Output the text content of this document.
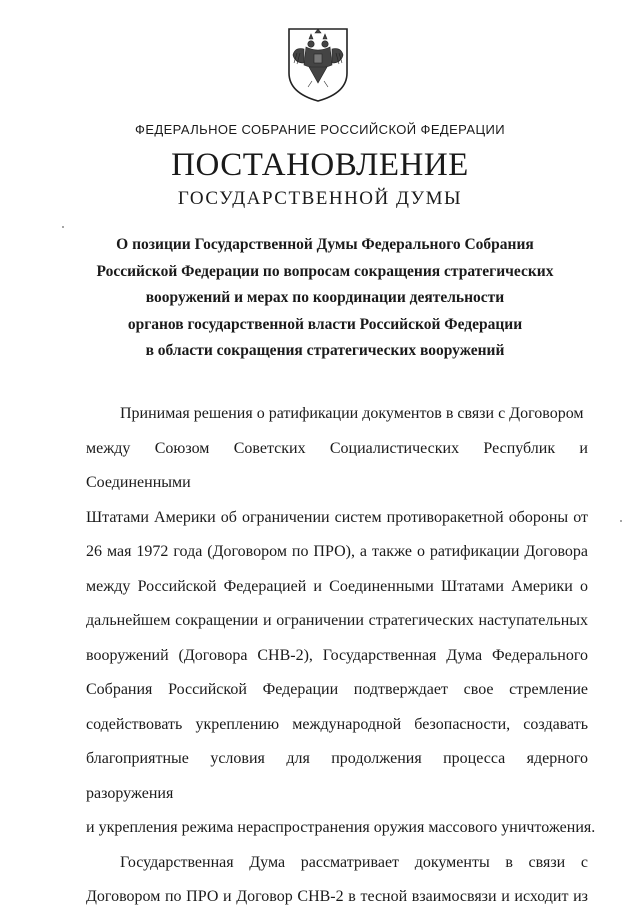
ФЕДЕРАЛЬНОЕ СОБРАНИЕ РОССИЙСКОЙ ФЕДЕРАЦИИ
ПОСТАНОВЛЕНИЕ
ГОСУДАРСТВЕННОЙ ДУМЫ
О позиции Государственной Думы Федерального Собрания
Российской Федерации по вопросам сокращения стратегических
вооружений и мерах по координации деятельности
органов государственной власти Российской Федерации
в области сокращения стратегических вооружений
Принимая решения о ратификации документов в связи с Договором
между Союзом Советских Социалистических Республик и Соединенными
Штатами Америки об ограничении систем противоракетной обороны от
26 мая 1972 года (Договором по ПРО), а также о ратификации Договора
между Российской Федерацией и Соединенными Штатами Америки о
дальнейшем сокращении и ограничении стратегических наступательных
вооружений (Договора СНВ-2), Государственная Дума Федерального
Собрания Российской Федерации подтверждает свое стремление
содействовать укреплению международной безопасности, создавать
благоприятные условия для продолжения процесса ядерного разоружения
и укрепления режима нераспространения оружия массового уничтожения.
Государственная Дума рассматривает документы в связи с
Договором по ПРО и Договор СНВ-2 в тесной взаимосвязи и исходит из
